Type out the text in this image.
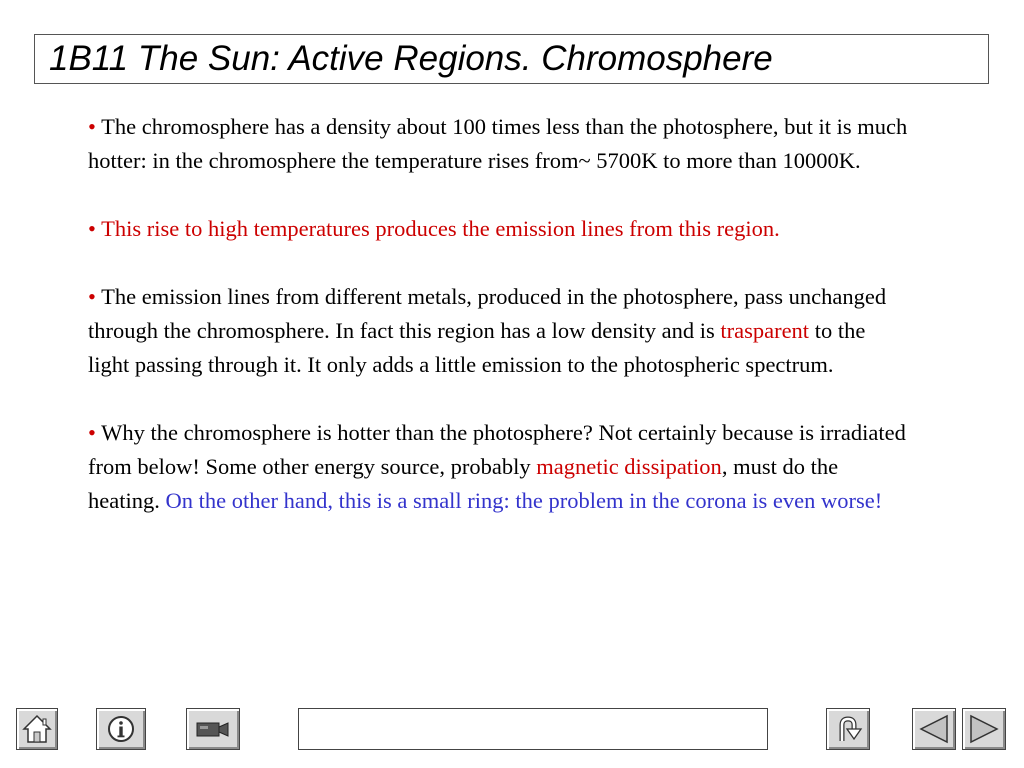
1B11 The Sun: Active Regions. Chromosphere

• The chromosphere has a density about 100 times less than the photosphere, but it is much hotter: in the chromosphere the temperature rises from~ 5700K to more than 10000K.

• This rise to high temperatures produces the emission lines from this region.

• The emission lines from different metals, produced in the photosphere, pass unchanged through the chromosphere. In fact this region has a low density and is trasparent to the light passing through it. It only adds a little emission to the photospheric spectrum.

• Why the chromosphere is hotter than the photosphere? Not certainly because is irradiated from below! Some other energy source, probably magnetic dissipation, must do the heating. On the other hand, this is a small ring: the problem in the corona is even worse!
